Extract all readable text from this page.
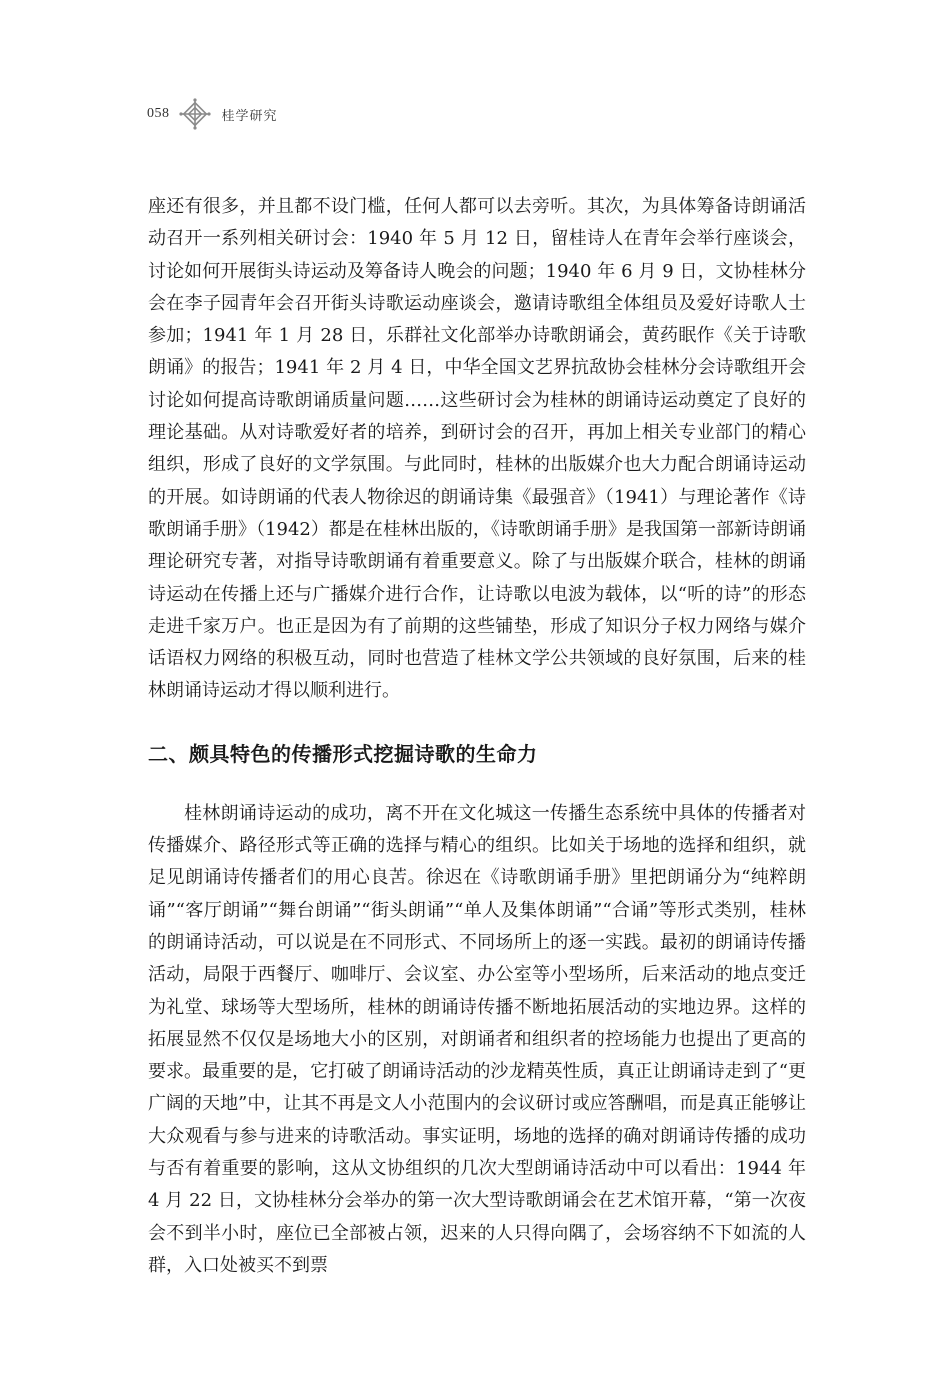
058	桂学研究

座还有很多，并且都不设门槛，任何人都可以去旁听。其次，为具体筹备诗朗诵活动召开一系列相关研讨会：1940 年 5 月 12 日，留桂诗人在青年会举行座谈会，讨论如何开展街头诗运动及筹备诗人晚会的问题；1940 年 6 月 9 日，文协桂林分会在李子园青年会召开街头诗歌运动座谈会，邀请诗歌组全体组员及爱好诗歌人士参加；1941 年 1 月 28 日，乐群社文化部举办诗歌朗诵会，黄药眠作《关于诗歌朗诵》的报告；1941 年 2 月 4 日，中华全国文艺界抗敌协会桂林分会诗歌组开会讨论如何提高诗歌朗诵质量问题……这些研讨会为桂林的朗诵诗运动奠定了良好的理论基础。从对诗歌爱好者的培养，到研讨会的召开，再加上相关专业部门的精心组织，形成了良好的文学氛围。与此同时，桂林的出版媒介也大力配合朗诵诗运动的开展。如诗朗诵的代表人物徐迟的朗诵诗集《最强音》（1941）与理论著作《诗歌朗诵手册》（1942）都是在桂林出版的，《诗歌朗诵手册》是我国第一部新诗朗诵理论研究专著，对指导诗歌朗诵有着重要意义。除了与出版媒介联合，桂林的朗诵诗运动在传播上还与广播媒介进行合作，让诗歌以电波为载体，以“听的诗”的形态走进千家万户。也正是因为有了前期的这些铺垫，形成了知识分子权力网络与媒介话语权力网络的积极互动，同时也营造了桂林文学公共领域的良好氛围，后来的桂林朗诵诗运动才得以顺利进行。

二、颇具特色的传播形式挖掘诗歌的生命力

桂林朗诵诗运动的成功，离不开在文化城这一传播生态系统中具体的传播者对传播媒介、路径形式等正确的选择与精心的组织。比如关于场地的选择和组织，就足见朗诵诗传播者们的用心良苦。徐迟在《诗歌朗诵手册》里把朗诵分为“纯粹朗诵”“客厅朗诵”“舞台朗诵”“街头朗诵”“单人及集体朗诵”“合诵”等形式类别，桂林的朗诵诗活动，可以说是在不同形式、不同场所上的逐一实践。最初的朗诵诗传播活动，局限于西餐厅、咖啡厅、会议室、办公室等小型场所，后来活动的地点变迁为礼堂、球场等大型场所，桂林的朗诵诗传播不断地拓展活动的实地边界。这样的拓展显然不仅仅是场地大小的区别，对朗诵者和组织者的控场能力也提出了更高的要求。最重要的是，它打破了朗诵诗活动的沙龙精英性质，真正让朗诵诗走到了“更广阔的天地”中，让其不再是文人小范围内的会议研讨或应答酬唱，而是真正能够让大众观看与参与进来的诗歌活动。事实证明，场地的选择的确对朗诵诗传播的成功与否有着重要的影响，这从文协组织的几次大型朗诵诗活动中可以看出：1944 年 4 月 22 日，文协桂林分会举办的第一次大型诗歌朗诵会在艺术馆开幕，“第一次夜会不到半小时，座位已全部被占领，迟来的人只得向隅了，会场容纳不下如流的人群，入口处被买不到票
